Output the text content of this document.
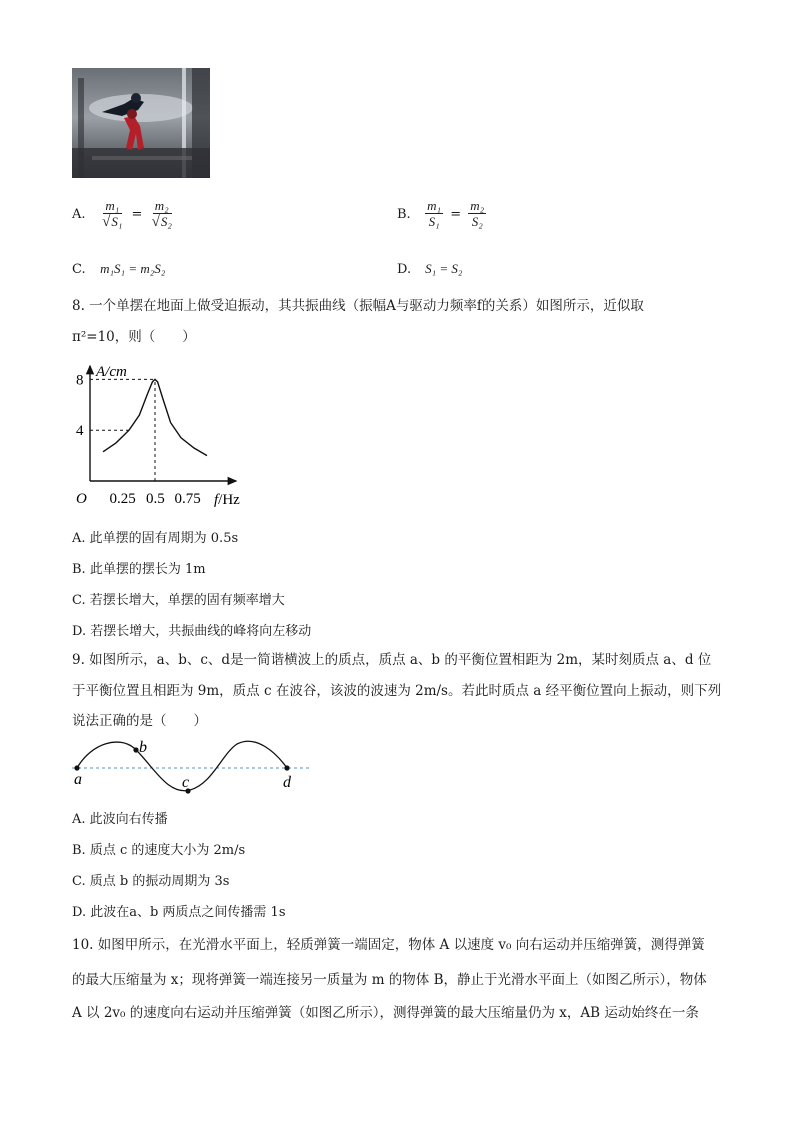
A. $\frac{\text{m₁}}{\text{√S₁}} = \frac{\text{m₂}}{\text{√S₂}}$	B. $\frac{\text{m₁}}{\text{S₁}} = \frac{\text{m₂}}{\text{S₂}}$
C. m₁S₁ = m₂S₂	D. S₁ = S₂
8. 一个单摆在地面上做受迫振动，其共振曲线（振幅A与驱动力频率f的关系）如图所示，近似取
π²=10，则（　　）
A/cm
f/Hz
O 0.25 0.5 0.75
4
8
A. 此单摆的固有周期为 0.5s
B. 此单摆的摆长为 1m
C. 若摆长增大，单摆的固有频率增大
D. 若摆长增大，共振曲线的峰将向左移动
9. 如图所示，a、b、c、d是一简谐横波上的质点，质点 a、b 的平衡位置相距为 2m，某时刻质点 a、d 位
于平衡位置且相距为 9m，质点 c 在波谷，该波的波速为 2m/s。若此时质点 a 经平衡位置向上振动，则下列
说法正确的是（　　）
a
b
c	d
A. 此波向右传播
B. 质点 c 的速度大小为 2m/s
C. 质点 b 的振动周期为 3s
D. 此波在a、b 两质点之间传播需 1s
10. 如图甲所示，在光滑水平面上，轻质弹簧一端固定，物体 A 以速度 v₀ 向右运动并压缩弹簧，测得弹簧
的最大压缩量为 x；现将弹簧一端连接另一质量为 m 的物体 B，静止于光滑水平面上（如图乙所示），物体
A 以 2v₀ 的速度向右运动并压缩弹簧（如图乙所示），测得弹簧的最大压缩量仍为 x，AB 运动始终在一条
